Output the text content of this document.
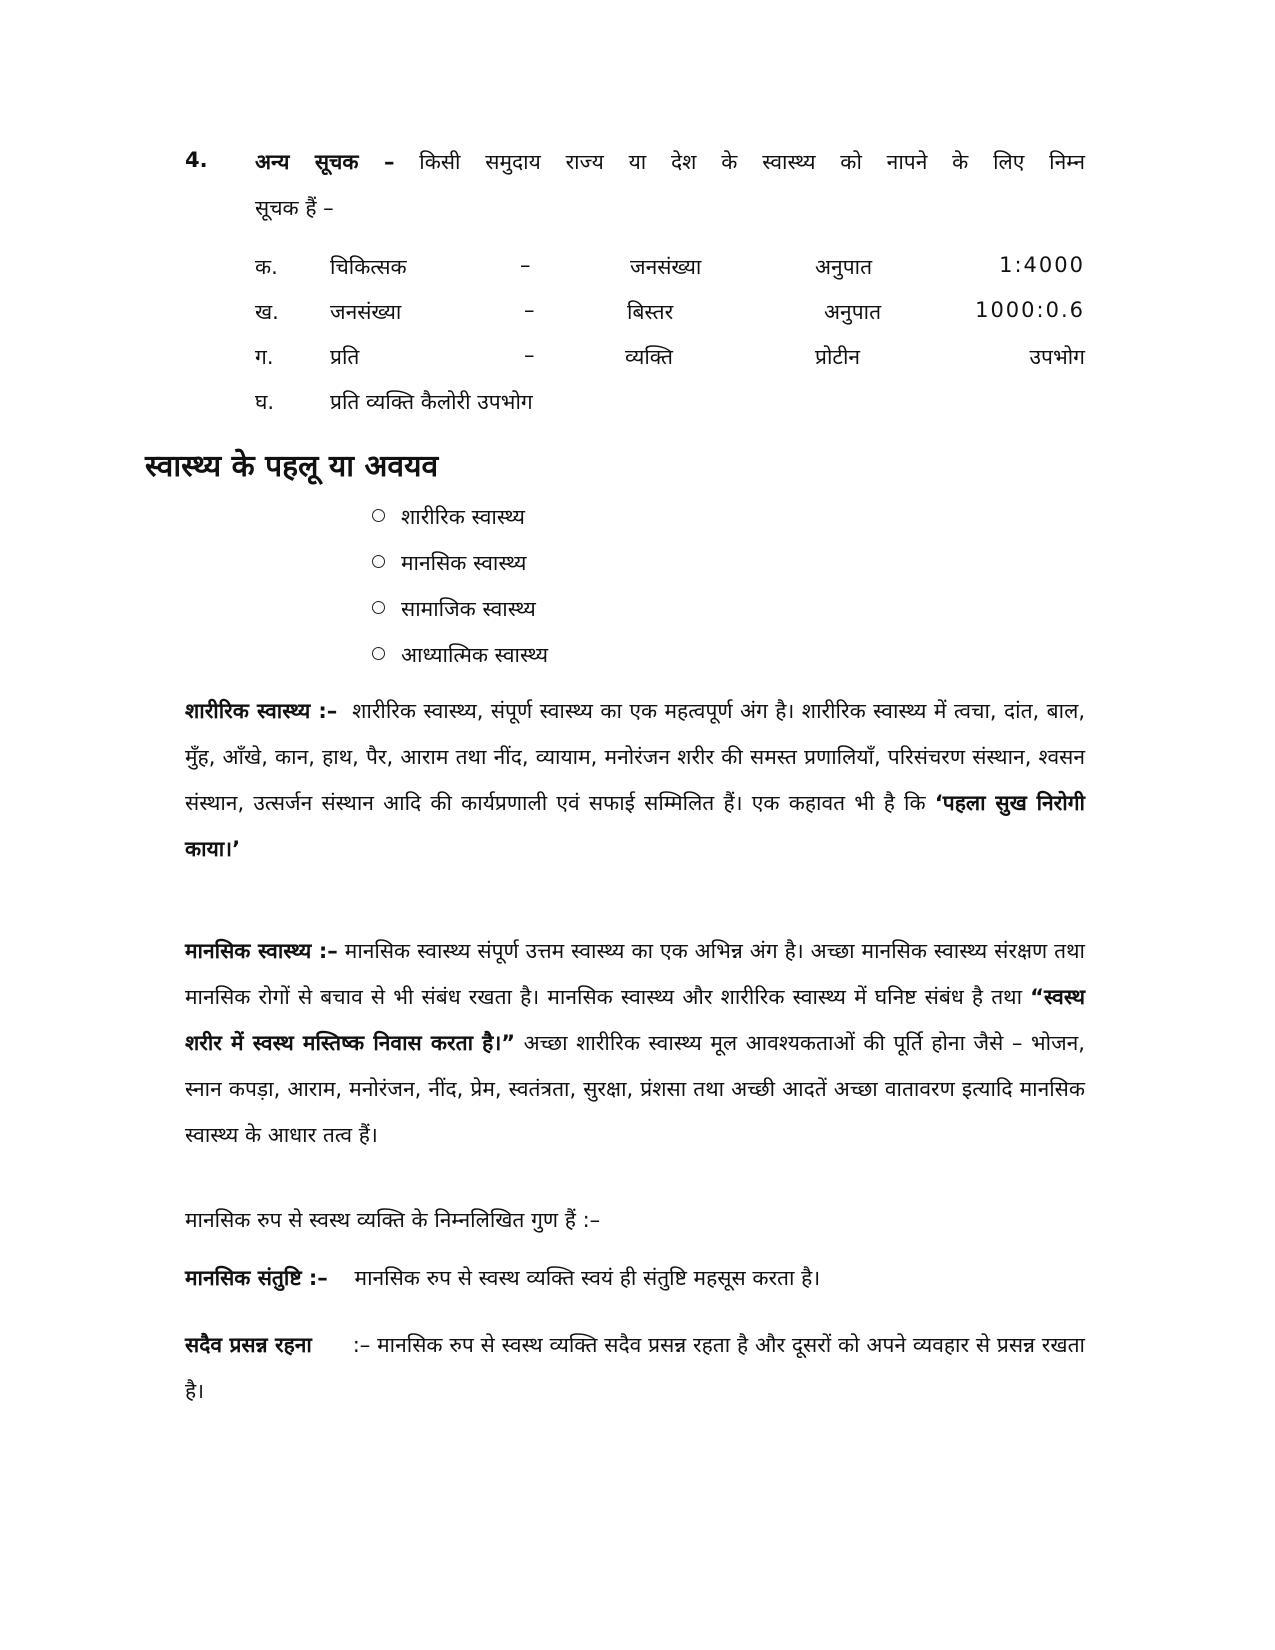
4. अन्य सूचक – किसी समुदाय राज्य या देश के स्वास्थ्य को नापने के लिए निम्न
सूचक हैं –
क. चिकित्सक	–	जनसंख्या	अनुपात	1:4000
ख. जनसंख्या	–	बिस्तर	अनुपात	1000:0.6
ग.	प्रति	–	व्यक्ति	प्रोटीन	उपभोग
घ.	प्रति व्यक्ति कैलोरी उपभोग
स्वास्थ्य के पहलू या अवयव
शारीरिक स्वास्थ्य
मानसिक स्वास्थ्य
सामाजिक स्वास्थ्य
आध्यात्मिक स्वास्थ्य

शारीरिक स्वास्थ्य :– शारीरिक स्वास्थ्य, संपूर्ण स्वास्थ्य का एक महत्वपूर्ण अंग है। शारीरिक स्वास्थ्य में त्वचा, दांत, बाल, मुँह, आँखे, कान, हाथ, पैर, आराम तथा नींद, व्यायाम, मनोरंजन शरीर की समस्त प्रणालियाँ, परिसंचरण संस्थान, श्वसन संस्थान, उत्सर्जन संस्थान आदि की कार्यप्रणाली एवं सफाई सम्मिलित हैं। एक कहावत भी है कि ‘पहला सुख निरोगी काया।’

मानसिक स्वास्थ्य :– मानसिक स्वास्थ्य संपूर्ण उत्तम स्वास्थ्य का एक अभिन्न अंग है। अच्छा मानसिक स्वास्थ्य संरक्षण तथा मानसिक रोगों से बचाव से भी संबंध रखता है। मानसिक स्वास्थ्य और शारीरिक स्वास्थ्य में घनिष्ट संबंध है तथा “स्वस्थ शरीर में स्वस्थ मस्तिष्क निवास करता है।” अच्छा शारीरिक स्वास्थ्य मूल आवश्यकताओं की पूर्ति होना जैसे – भोजन, स्नान कपड़ा, आराम, मनोरंजन, नींद, प्रेम, स्वतंत्रता, सुरक्षा, प्रंशसा तथा अच्छी आदतें अच्छा वातावरण इत्यादि मानसिक स्वास्थ्य के आधार तत्व हैं।

मानसिक रुप से स्वस्थ व्यक्ति के निम्नलिखित गुण हैं :–
मानसिक संतुष्टि :– मानसिक रुप से स्वस्थ व्यक्ति स्वयं ही संतुष्टि महसूस करता है।

सदैव प्रसन्न रहना :– मानसिक रुप से स्वस्थ व्यक्ति सदैव प्रसन्न रहता है और दूसरों को अपने व्यवहार से प्रसन्न रखता है।
